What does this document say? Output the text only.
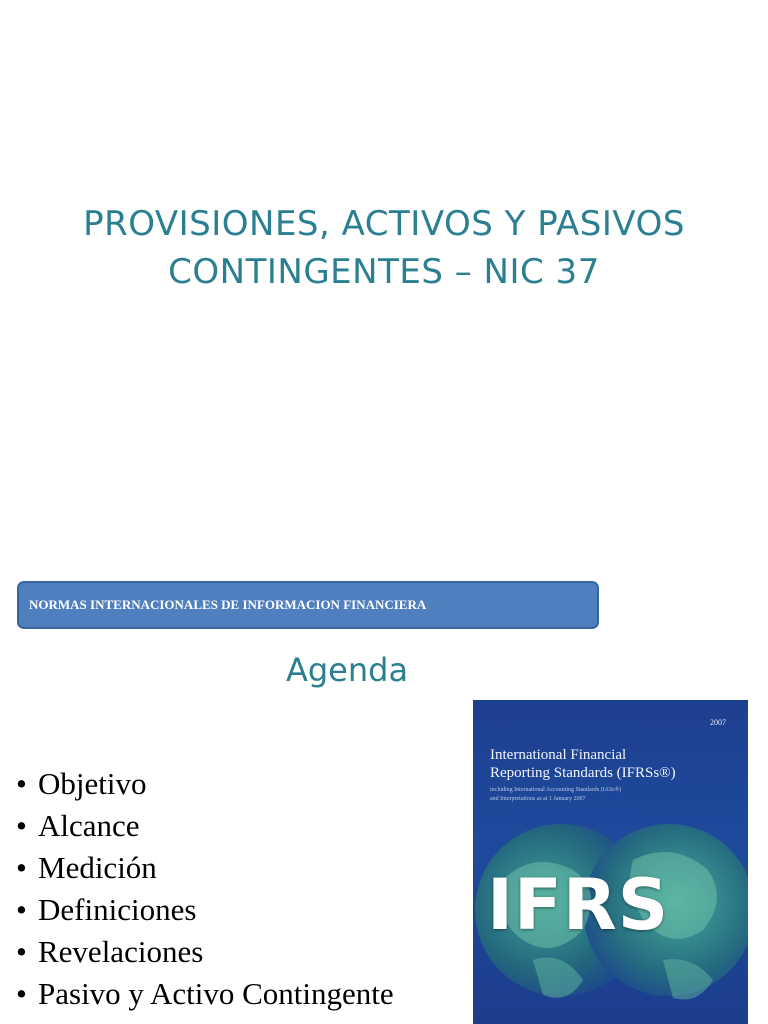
PROVISIONES, ACTIVOS Y PASIVOS
CONTINGENTES – NIC 37
NORMAS INTERNACIONALES DE INFORMACION FINANCIERA
Agenda
• Objetivo
• Alcance
• Medición
• Definiciones
• Revelaciones
• Pasivo y Activo Contingente
2007
International Financial
Reporting Standards (IFRSs®)
including International Accounting Standards (IASs®)
and Interpretations as at 1 January 2007
IFRS
